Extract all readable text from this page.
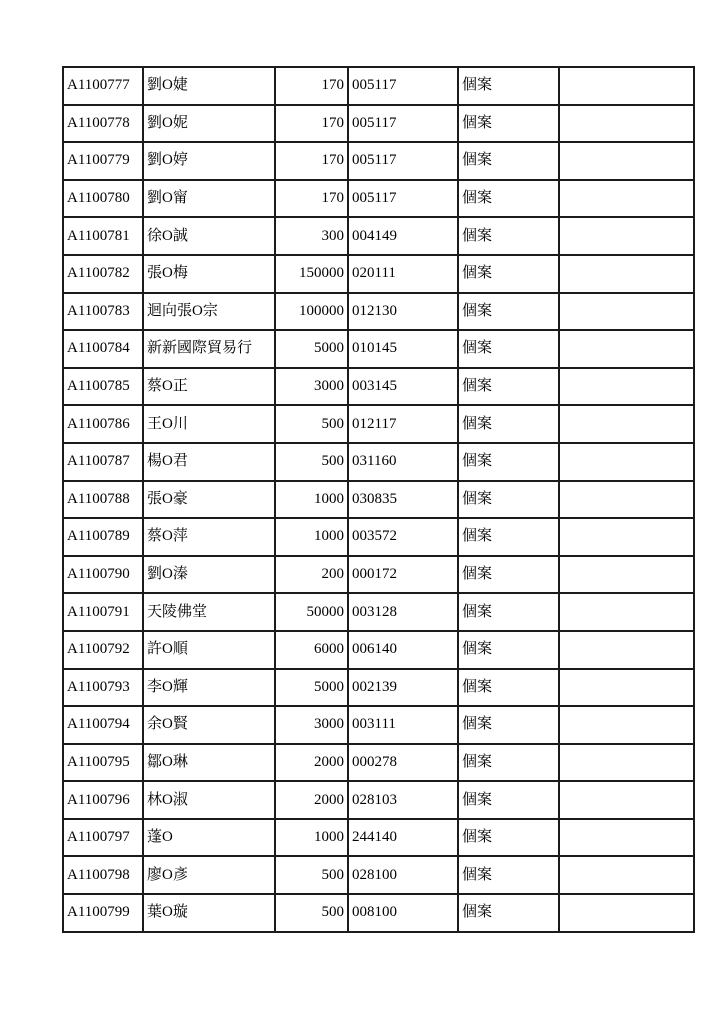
A1100777	劉O婕	170	005117	個案	
A1100778	劉O妮	170	005117	個案	
A1100779	劉O婷	170	005117	個案	
A1100780	劉O甯	170	005117	個案	
A1100781	徐O誠	300	004149	個案	
A1100782	張O梅	150000	020111	個案	
A1100783	迴向張O宗	100000	012130	個案	
A1100784	新新國際貿易行	5000	010145	個案	
A1100785	蔡O正	3000	003145	個案	
A1100786	王O川	500	012117	個案	
A1100787	楊O君	500	031160	個案	
A1100788	張O豪	1000	030835	個案	
A1100789	蔡O萍	1000	003572	個案	
A1100790	劉O溱	200	000172	個案	
A1100791	天陵佛堂	50000	003128	個案	
A1100792	許O順	6000	006140	個案	
A1100793	李O輝	5000	002139	個案	
A1100794	余O賢	3000	003111	個案	
A1100795	鄒O琳	2000	000278	個案	
A1100796	林O淑	2000	028103	個案	
A1100797	蓬O	1000	244140	個案	
A1100798	廖O彥	500	028100	個案	
A1100799	葉O璇	500	008100	個案	
